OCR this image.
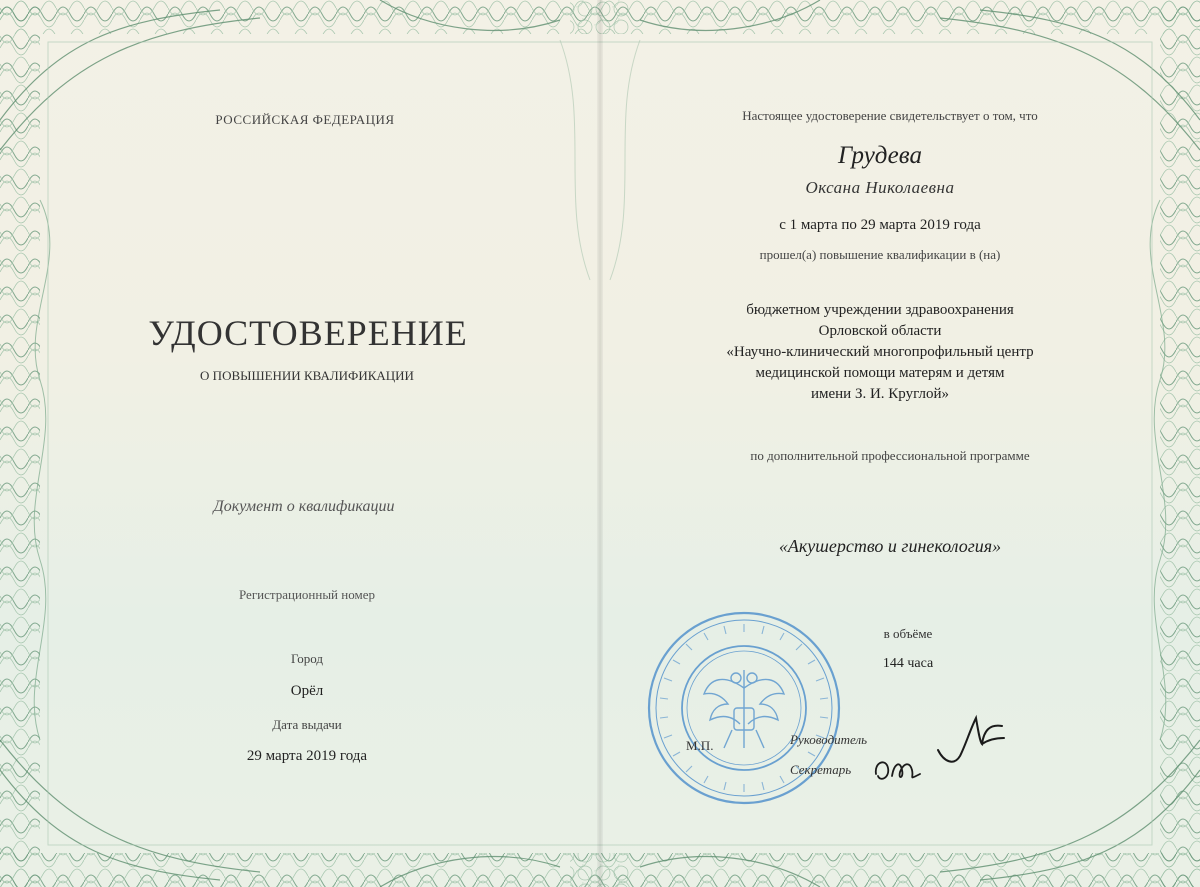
РОССИЙСКАЯ ФЕДЕРАЦИЯ
УДОСТОВЕРЕНИЕ
О ПОВЫШЕНИИ КВАЛИФИКАЦИИ
Документ о квалификации
Регистрационный номер
Город
Орёл
Дата выдачи
29 марта 2019 года
Настоящее удостоверение свидетельствует о том, что
Грудева
Оксана Николаевна
с 1 марта по 29 марта 2019 года
прошел(а) повышение квалификации в (на)
бюджетном учреждении здравоохранения
Орловской области
«Научно-клинический многопрофильный центр
медицинской помощи матерям и детям
имени З. И. Круглой»
по дополнительной профессиональной программе
«Акушерство и гинекология»
в объёме
144 часа
М.П.	Руководитель
Секретарь
